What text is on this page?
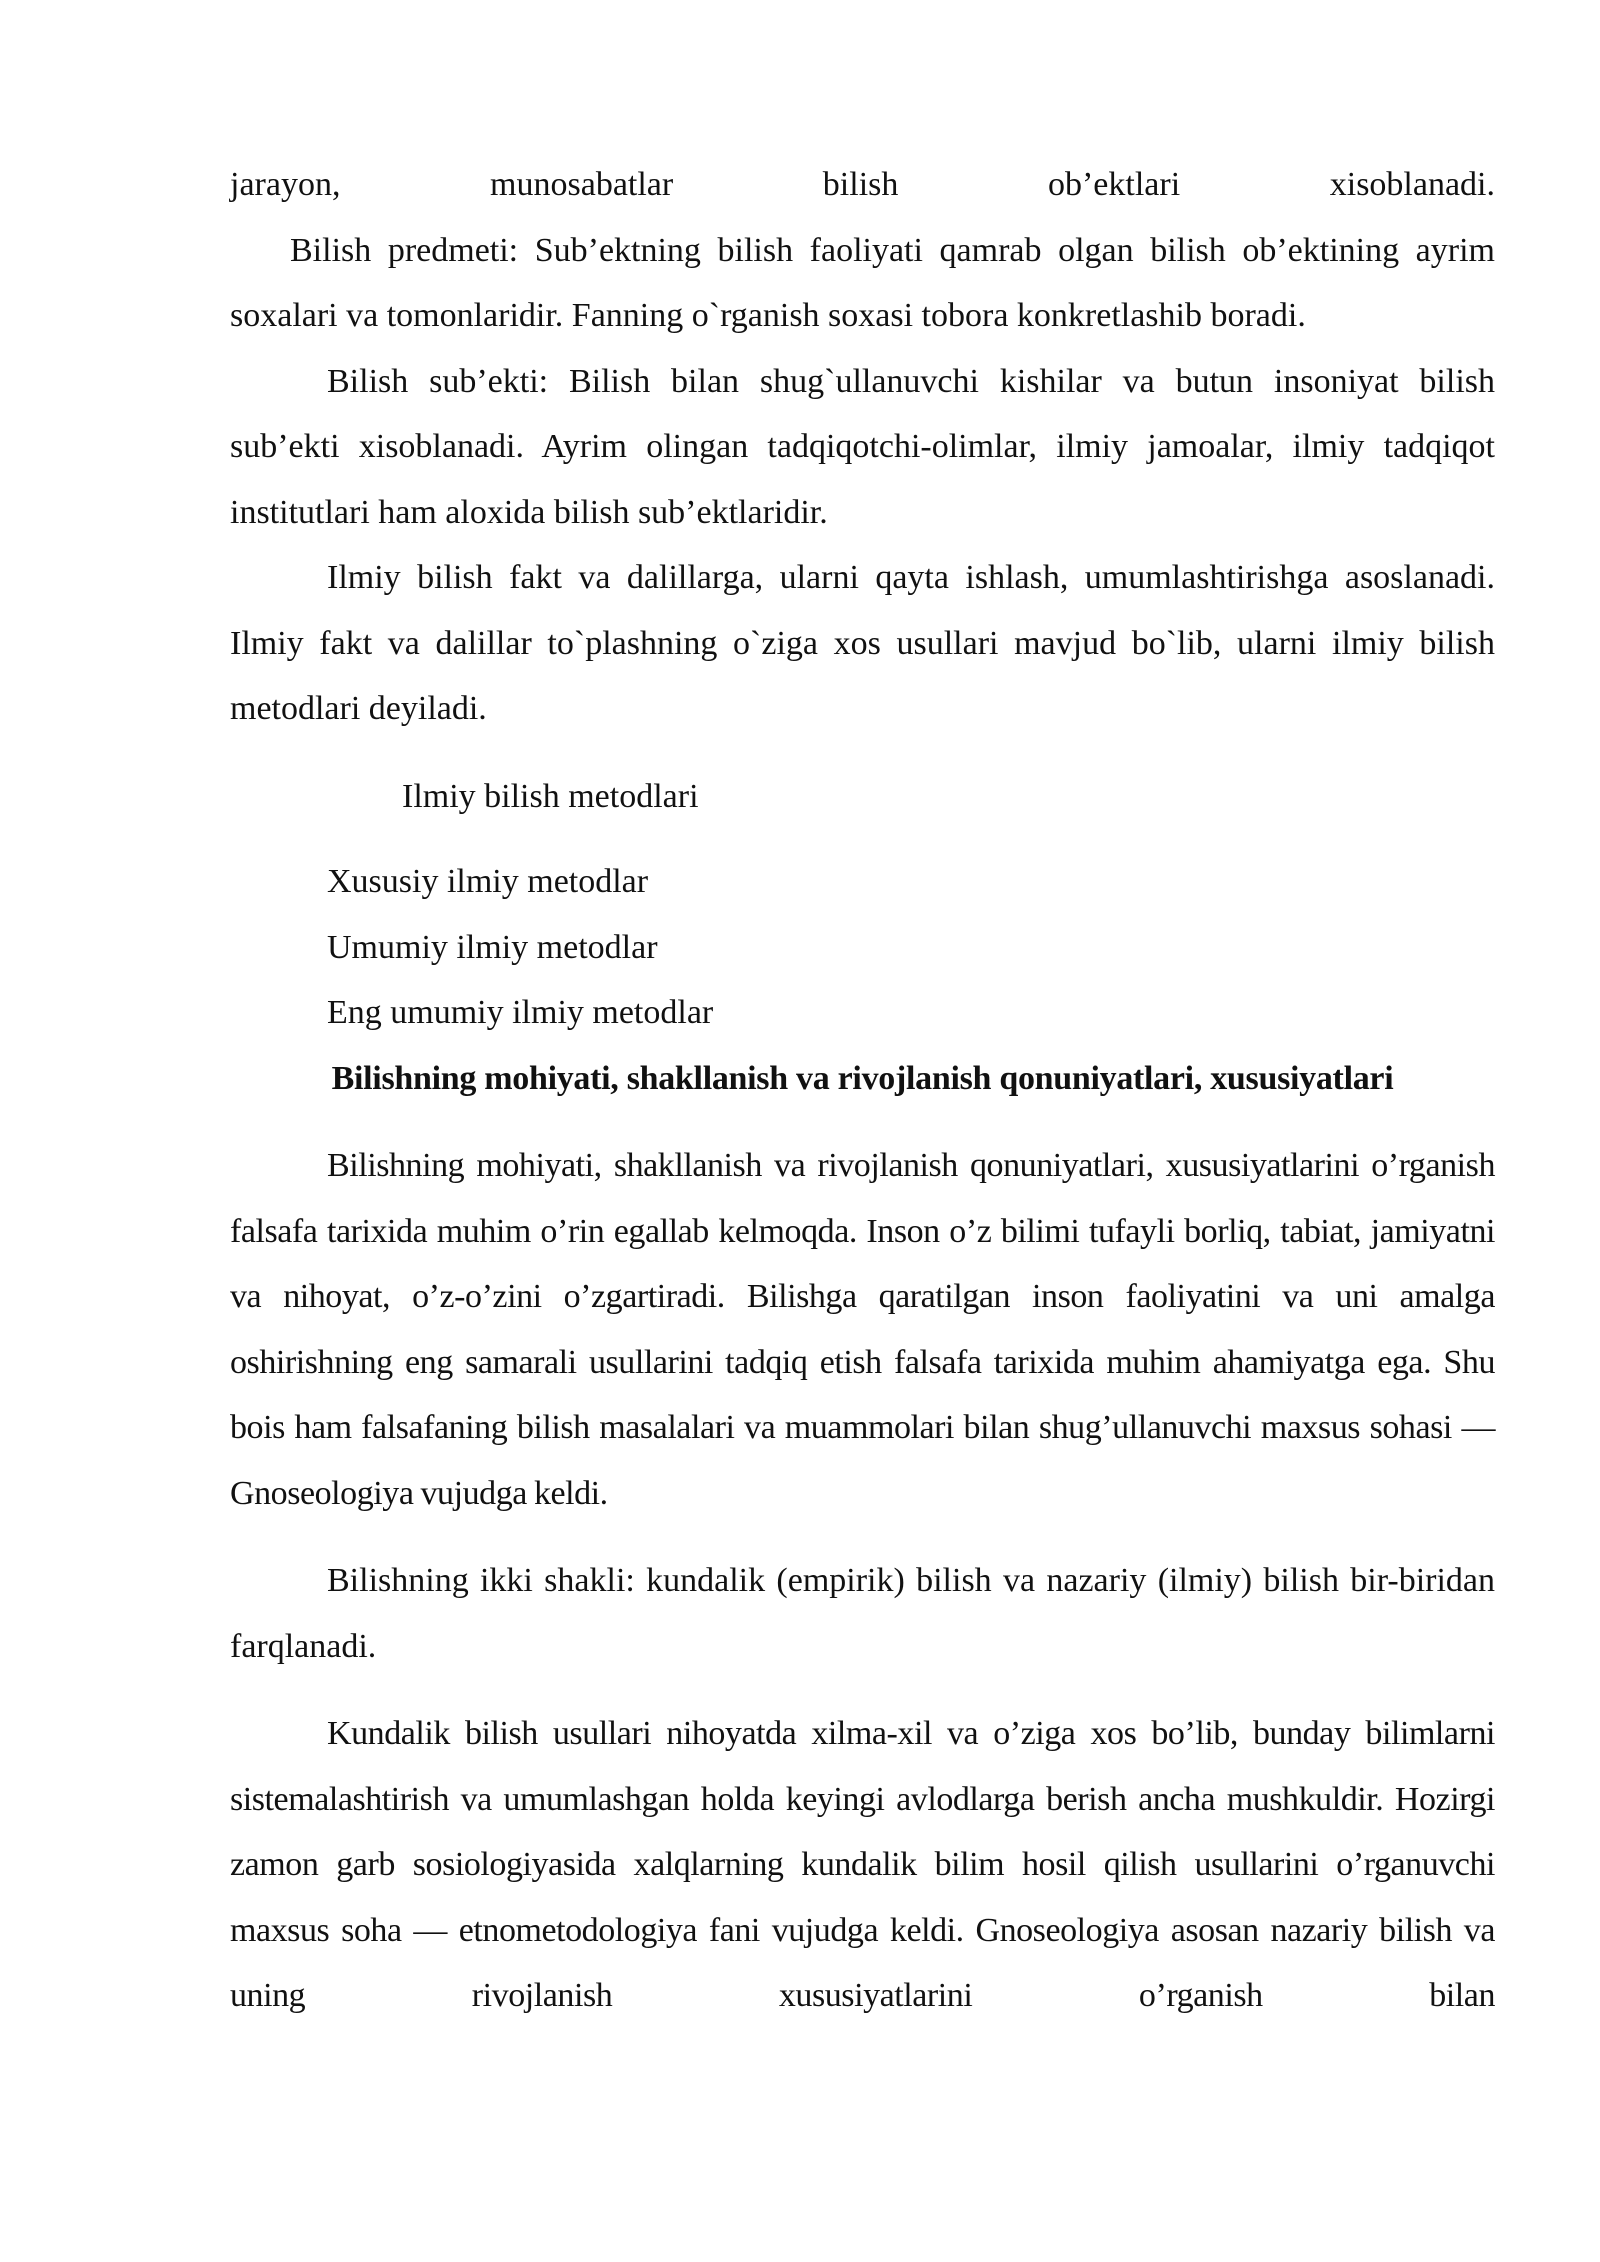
jarayon, munosabatlar bilish ob’ektlari xisoblanadi.

Bilish predmeti: Sub’ektning bilish faoliyati qamrab olgan bilish ob’ektining ayrim soxalari va tomonlaridir. Fanning o`rganish soxasi tobora konkretlashib boradi.

Bilish sub’ekti: Bilish bilan shug`ullanuvchi kishilar va butun insoniyat bilish sub’ekti xisoblanadi. Ayrim olingan tadqiqotchi-olimlar, ilmiy jamoalar, ilmiy tadqiqot institutlari ham aloxida bilish sub’ektlaridir.

Ilmiy bilish fakt va dalillarga, ularni qayta ishlash, umumlashtirishga asoslanadi. Ilmiy fakt va dalillar to`plashning o`ziga xos usullari mavjud bo`lib, ularni ilmiy bilish metodlari deyiladi.

Ilmiy bilish metodlari

Xususiy ilmiy metodlar

Umumiy ilmiy metodlar

Eng umumiy ilmiy metodlar

Bilishning mohiyati, shakllanish va rivojlanish qonuniyatlari, xususiyatlari

Bilishning mohiyati, shakllanish va rivojlanish qonuniyatlari, xususiyatlarini o’rganish falsafa tarixida muhim o’rin egallab kelmoqda. Inson o’z bilimi tufayli borliq, tabiat, jamiyatni va nihoyat, o’z-o’zini o’zgartiradi. Bilishga qaratilgan inson faoliyatini va uni amalga oshirishning eng samarali usullarini tadqiq etish falsafa tarixida muhim ahamiyatga ega. Shu bois ham falsafaning bilish masalalari va muammolari bilan shug’ullanuvchi maxsus sohasi — Gnoseologiya vujudga keldi.

Bilishning ikki shakli: kundalik (empirik) bilish va nazariy (ilmiy) bilish bir-biridan farqlanadi.

Kundalik bilish usullari nihoyatda xilma-xil va o’ziga xos bo’lib, bunday bilimlarni sistemalashtirish va umumlashgan holda keyingi avlodlarga berish ancha mushkuldir. Hozirgi zamon garb sosiologiyasida xalqlarning kundalik bilim hosil qilish usullarini o’rganuvchi maxsus soha — etnometodologiya fani vujudga keldi. Gnoseologiya asosan nazariy bilish va uning rivojlanish xususiyatlarini o’rganish bilan
